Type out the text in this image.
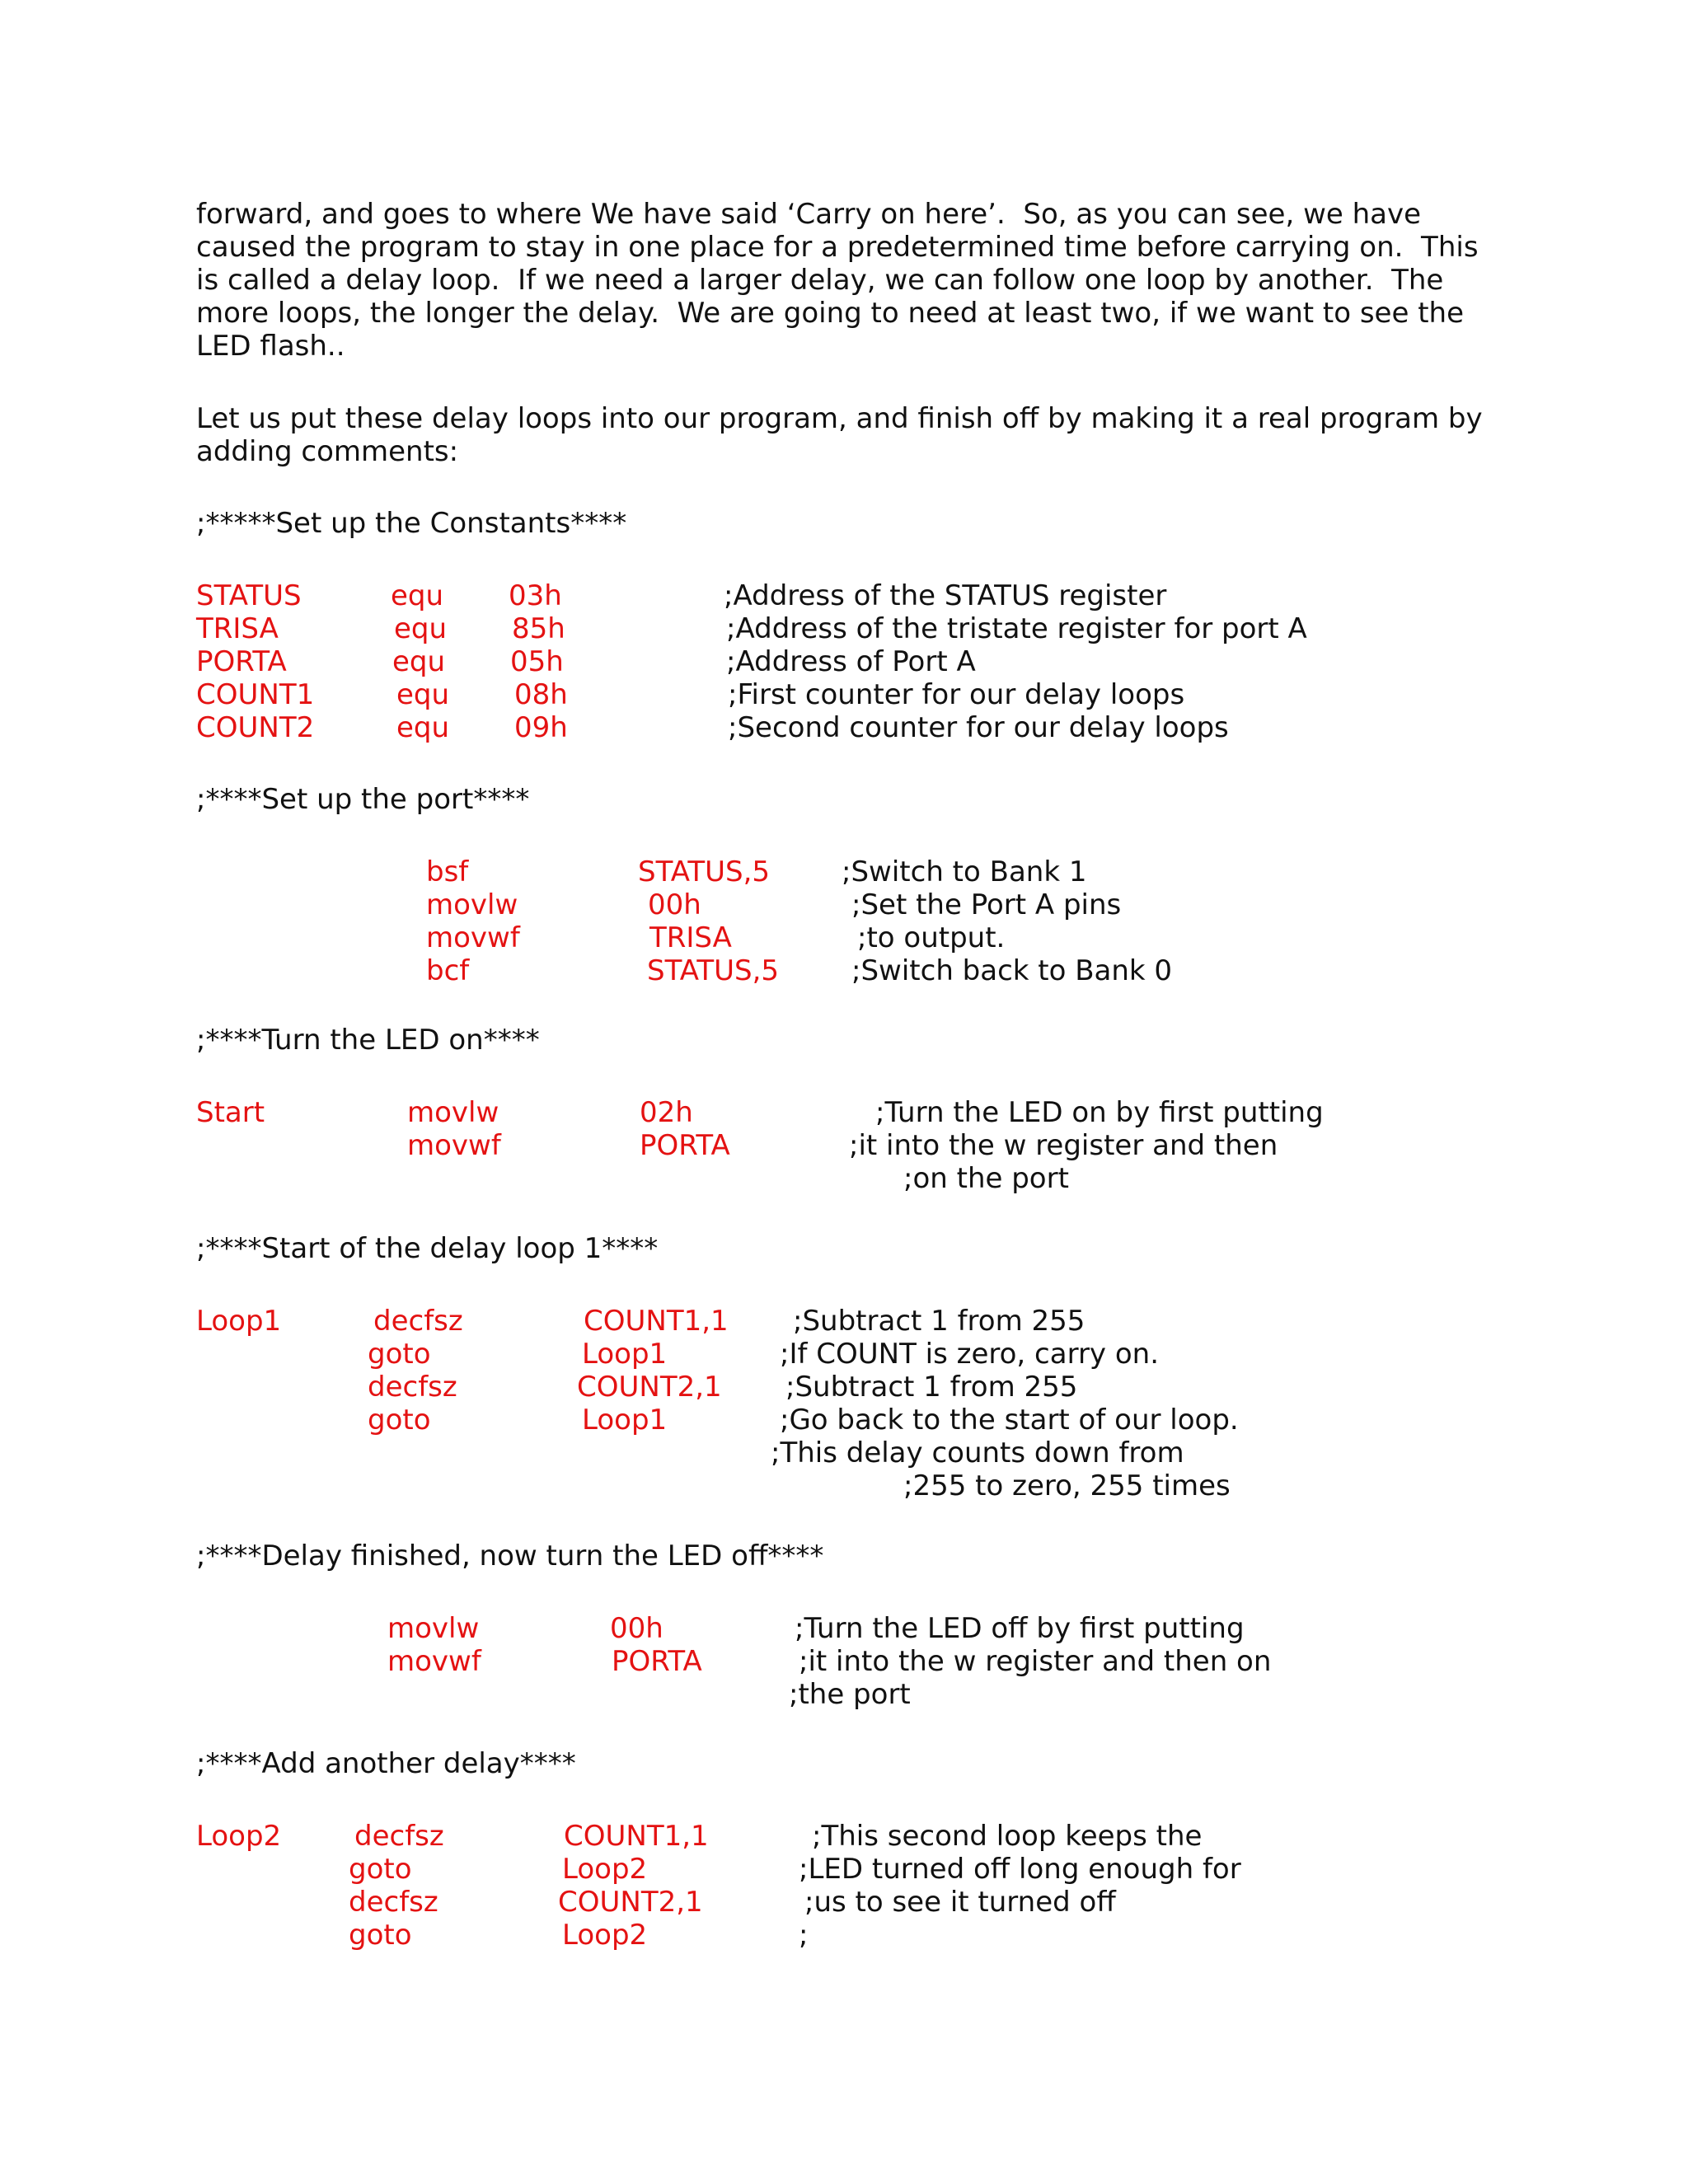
forward, and goes to where We have said ‘Carry on here’.  So, as you can see, we have

caused the program to stay in one place for a predetermined time before carrying on.  This

is called a delay loop.  If we need a larger delay, we can follow one loop by another.  The

more loops, the longer the delay.  We are going to need at least two, if we want to see the

LED flash..

Let us put these delay loops into our program, and finish off by making it a real program by

adding comments:

;*****Set up the Constants****

STATUS	equ 03h	;Address of the STATUS register
TRISA	equ 85h	;Address of the tristate register for port A
PORTA	equ 05h	;Address of Port A
COUNT1	equ 08h	;First counter for our delay loops
COUNT2	equ 09h	;Second counter for our delay loops

;****Set up the port****

bsf	STATUS,5	;Switch to Bank 1
movlw	00h	;Set the Port A pins
movwf	TRISA	;to output.
bcf	STATUS,5	;Switch back to Bank 0

;****Turn the LED on****

Start	movlw	02h	;Turn the LED on by first putting
movwf	PORTA	;it into the w register and then
;on the port

;****Start of the delay loop 1****

Loop1	decfsz	COUNT1,1 ;Subtract 1 from 255
goto	Loop1	;If COUNT is zero, carry on.
decfsz	COUNT2,1 ;Subtract 1 from 255
goto	Loop1	;Go back to the start of our loop.
;This delay counts down from
;255 to zero, 255 times

;****Delay finished, now turn the LED off****

movlw	00h	;Turn the LED off by first putting
movwf	PORTA	;it into the w register and then on
;the port

;****Add another delay****

Loop2	decfsz	COUNT1,1	;This second loop keeps the
goto	Loop2	;LED turned off long enough for
decfsz	COUNT2,1	;us to see it turned off
goto	Loop2	;
